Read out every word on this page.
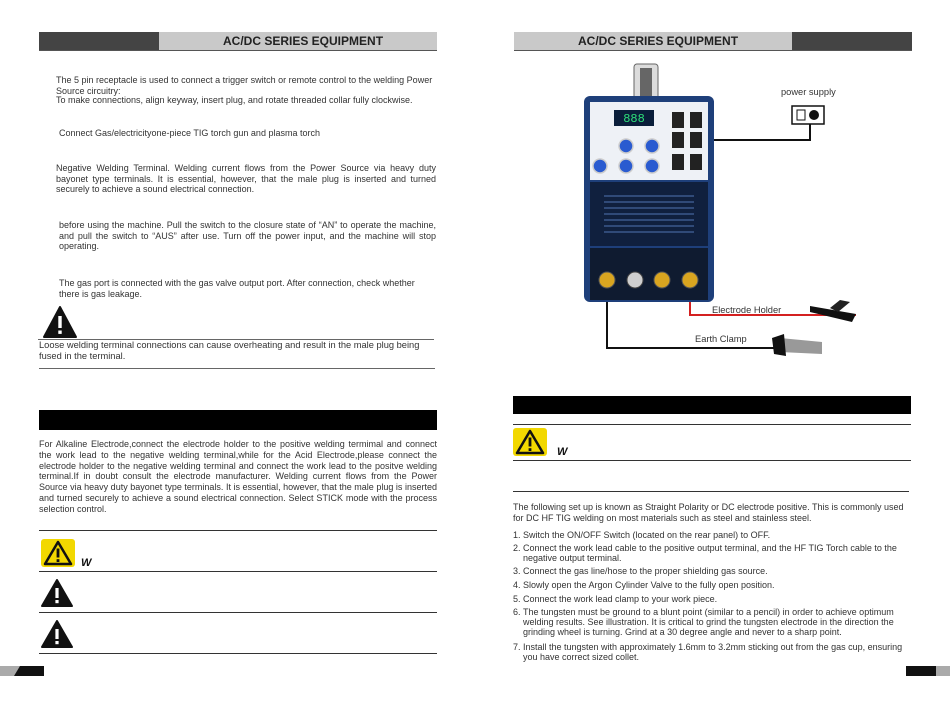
AC/DC SERIES EQUIPMENT
The 5 pin receptacle is used to connect a trigger switch or remote control to the welding Power Source circuitry:
To make connections, align keyway, insert plug, and rotate threaded collar fully clockwise.
Connect Gas/electricityone-piece TIG torch gun and plasma torch
Negative Welding Terminal. Welding current flows from the Power Source via heavy duty bayonet type terminals. It is essential, however, that the male plug is inserted and turned securely to achieve a sound electrical connection.
before using the machine. Pull the switch to the closure state of “AN” to operate the machine, and pull the switch to “AUS” after use. Turn off the power input, and the machine will stop operating.
The gas port is connected with the gas valve output port. After connection, check whether there is gas leakage.
Loose welding terminal connections can cause overheating and result in the male plug being fused in the terminal.
For Alkaline Electrode,connect the electrode holder to the positive welding termimal and connect the work lead to the negative welding terminal,while for the Acid Electrode,please connect the electrode holder to the negative welding terminal and connect the work lead to the positve welding terminal.If in doubt consult the electrode manufacturer. Welding current flows from the Power Source via heavy duty bayonet type terminals. It is essential, however, that the male plug is inserted and turned securely to achieve a sound electrical connection. Select STICK mode with the process selection control.
W
AC/DC SERIES EQUIPMENT
888
power supply
Electrode Holder
Earth Clamp
W
The following set up is known as Straight Polarity or DC electrode positive. This is commonly used for DC HF TIG welding on most materials such as steel and stainless steel.
1. Switch the ON/OFF Switch (located on the rear panel) to OFF.
2. Connect the work lead cable to the positive output terminal, and the HF TIG Torch cable to the negative output terminal.
3. Connect the gas line/hose to the proper shielding gas source.
4. Slowly open the Argon Cylinder Valve to the fully open position.
5. Connect the work lead clamp to your work piece.
6. The tungsten must be ground to a blunt point (similar to a pencil) in order to achieve optimum welding results. See illustration. It is critical to grind the tungsten electrode in the direction the grinding wheel is turning. Grind at a 30 degree angle and never to a sharp point.
7. Install the tungsten with approximately 1.6mm to 3.2mm sticking out from the gas cup, ensuring you have correct sized collet.
